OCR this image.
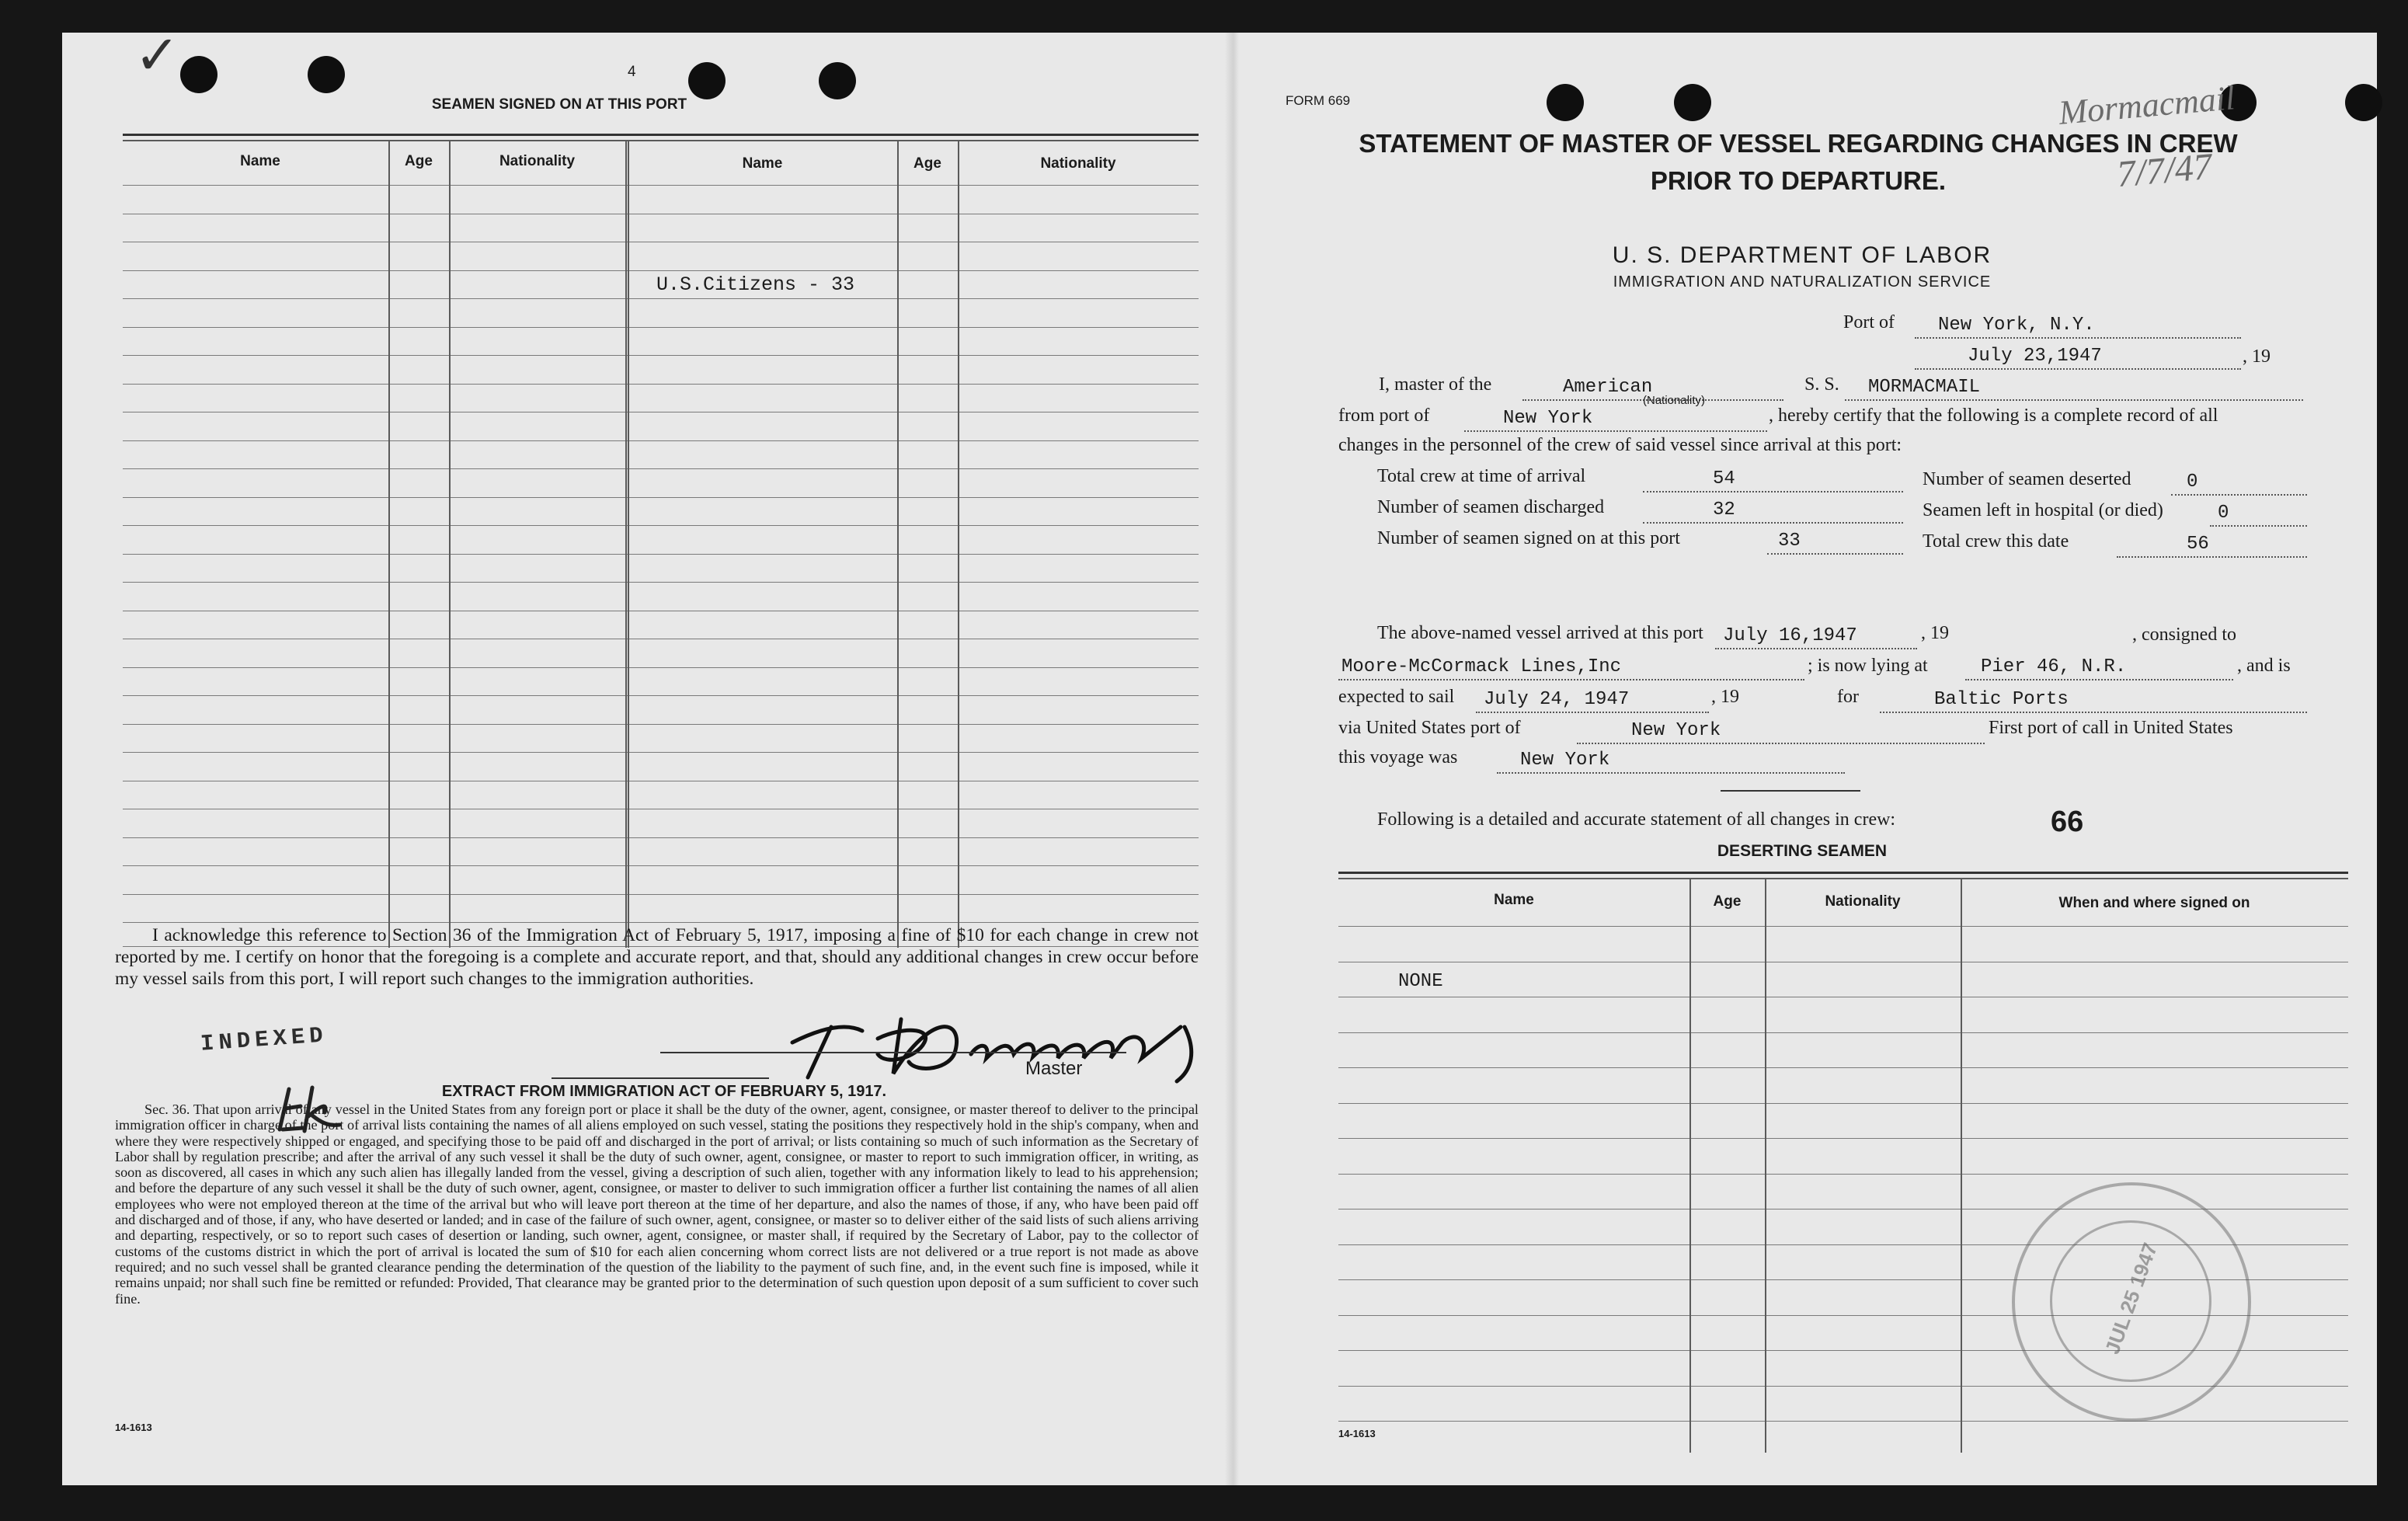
✓	4
SEAMEN SIGNED ON AT THIS PORT
Name	Age	Nationality	Name	Age	Nationality
U.S.Citizens - 33
I acknowledge this reference to Section 36 of the Immigration Act of February 5, 1917, imposing a fine of $10 for each change in crew not reported by me. I certify on honor that the foregoing is a complete and accurate report, and that, should any additional changes in crew occur before my vessel sails from this port, I will report such changes to the immigration authorities.
Master
INDEXED
EXTRACT FROM IMMIGRATION ACT OF FEBRUARY 5, 1917.
Sec. 36. That upon arrival of any vessel in the United States from any foreign port or place it shall be the duty of the owner, agent, consignee, or master thereof to deliver to the principal immigration officer in charge of the port of arrival lists containing the names of all aliens employed on such vessel, stating the positions they respectively hold in the ship's company, when and where they were respectively shipped or engaged, and specifying those to be paid off and discharged in the port of arrival; or lists containing so much of such information as the Secretary of Labor shall by regulation prescribe; and after the arrival of any such vessel it shall be the duty of such owner, agent, consignee, or master to report to such immigration officer, in writing, as soon as discovered, all cases in which any such alien has illegally landed from the vessel, giving a description of such alien, together with any information likely to lead to his apprehension; and before the departure of any such vessel it shall be the duty of such owner, agent, consignee, or master to deliver to such immigration officer a further list containing the names of all alien employees who were not employed thereon at the time of the arrival but who will leave port thereon at the time of her departure, and also the names of those, if any, who have been paid off and discharged and of those, if any, who have deserted or landed; and in case of the failure of such owner, agent, consignee, or master so to deliver either of the said lists of such aliens arriving and departing, respectively, or so to report such cases of desertion or landing, such owner, agent, consignee, or master shall, if required by the Secretary of Labor, pay to the collector of customs of the customs district in which the port of arrival is located the sum of $10 for each alien concerning whom correct lists are not delivered or a true report is not made as above required; and no such vessel shall be granted clearance pending the determination of the question of the liability to the payment of such fine, and, in the event such fine is imposed, while it remains unpaid; nor shall such fine be remitted or refunded: Provided, That clearance may be granted prior to the determination of such question upon deposit of a sum sufficient to cover such fine.
14-1613
FORM 669
STATEMENT OF MASTER OF VESSEL REGARDING CHANGES IN CREW
PRIOR TO DEPARTURE.
Mormacmail
7/7/47
U. S. DEPARTMENT OF LABOR
IMMIGRATION AND NATURALIZATION SERVICE
Port of New York, N.Y.
July 23,1947	, 19
I, master of the	American
(Nationality)
S. S. MORMACMAIL
from port of	New York	, hereby certify that the following is a complete record of all
changes in the personnel of the crew of said vessel since arrival at this port:
Total crew at time of arrival	54
Number of seamen discharged	32
Number of seamen signed on at this port	33
Number of seamen deserted	0
Seamen left in hospital (or died)	0
Total crew this date	56
The above-named vessel arrived at this port July 16,1947	, 19	, consigned to
Moore-McCormack Lines,Inc	; is now lying at	Pier 46, N.R.	, and is
expected to sail July 24, 1947	, 19	for	Baltic Ports
via United States port of	New York	First port of call in United States
this voyage was	New York
Following is a detailed and accurate statement of all changes in crew:	66
DESERTING SEAMEN
Name	Age	Nationality	When and where signed on
NONE
JUL 25 1947
14-1613
